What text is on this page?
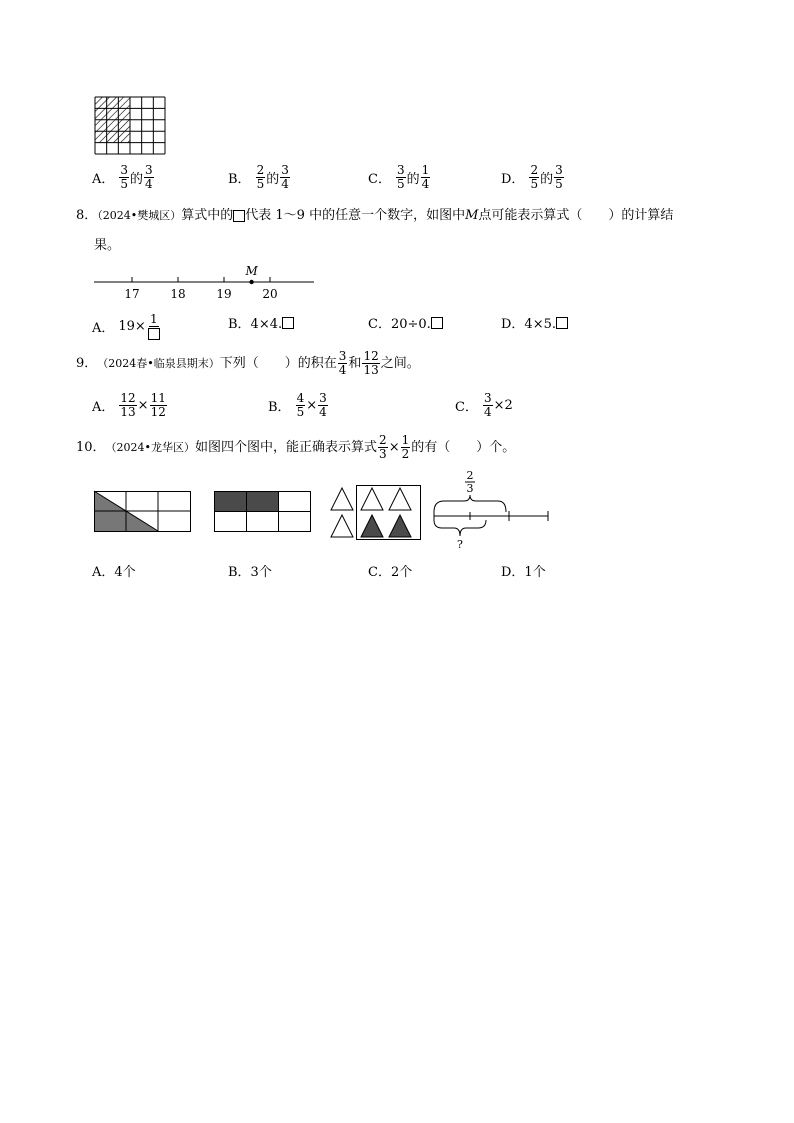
A． $\frac{3}{5}$ 的 $\frac{3}{4}$	B． $\frac{2}{5}$ 的 $\frac{3}{4}$	C． $\frac{3}{5}$ 的 $\frac{1}{4}$	D． $\frac{2}{5}$ 的 $\frac{3}{5}$
8．（2024•樊城区）算式中的 代表 1～9 中的任意一个数字，如图中M点可能表示算式（　　）的计算结
果。
17	18	19	20
M
A． 19× 1	B．4×4.	C．20÷0.	D．4×5.
9． （2024春•临泉县期末） 下列（　　）的积在 $\frac{3}{4}$ 和 $\frac{12}{13}$ 之间。
A． $\frac{12}{13} \times \frac{11}{12}$	B． $\frac{4}{5} \times \frac{3}{4}$	C． $\frac{3}{4} \times 2$
10． （2024•龙华区） 如图四个图中，能正确表示算式 $\frac{2}{3} \times \frac{1}{2}$ 的有（　　）个。
2
3
?
A．4个	B．3个	C．2个	D．1个
